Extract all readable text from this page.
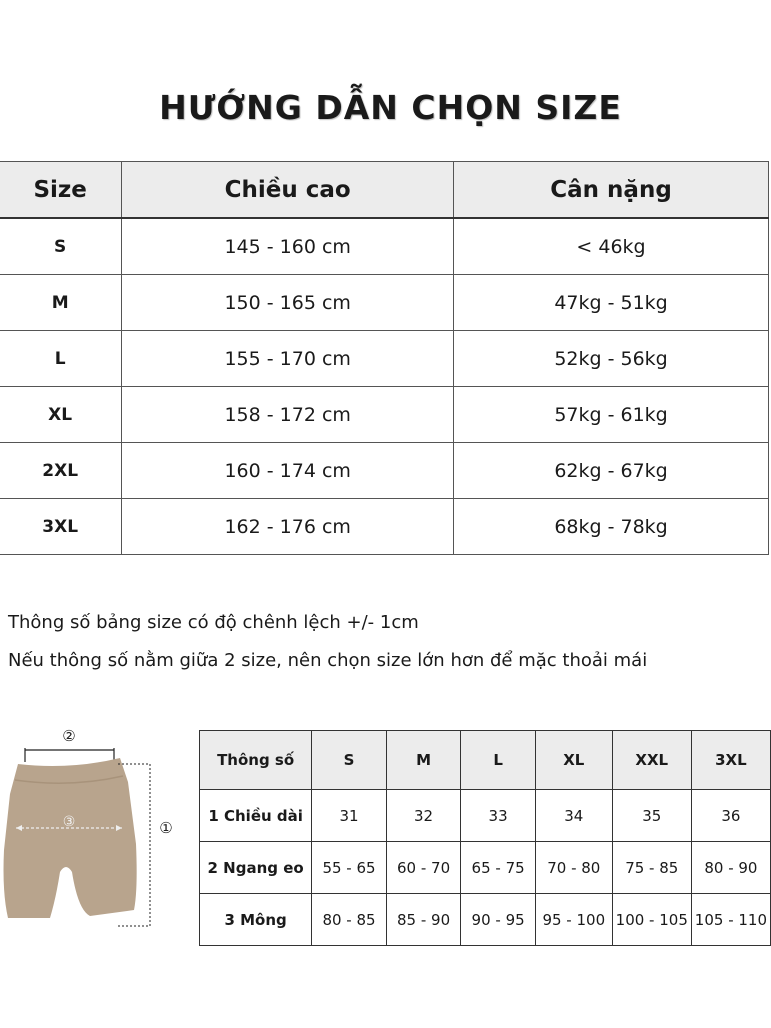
HƯỚNG DẪN CHỌN SIZE
Size	Chiều cao	Cân nặng
S	145 - 160 cm	< 46kg
M	150 - 165 cm	47kg - 51kg
L	155 - 170 cm	52kg - 56kg
XL	158 - 172 cm	57kg - 61kg
2XL	160 - 174 cm	62kg - 67kg
3XL	162 - 176 cm	68kg - 78kg
Thông số bảng size có độ chênh lệch +/- 1cm
Nếu thông số nằm giữa 2 size, nên chọn size lớn hơn để mặc thoải mái
②
③	①
Thông số	S	M	L	XL	XXL	3XL
1 Chiều dài	31	32	33	34	35	36
2 Ngang eo	55 - 65	60 - 70	65 - 75	70 - 80	75 - 85	80 - 90
3 Mông	80 - 85	85 - 90	90 - 95	95 - 100	100 - 105	105 - 110
